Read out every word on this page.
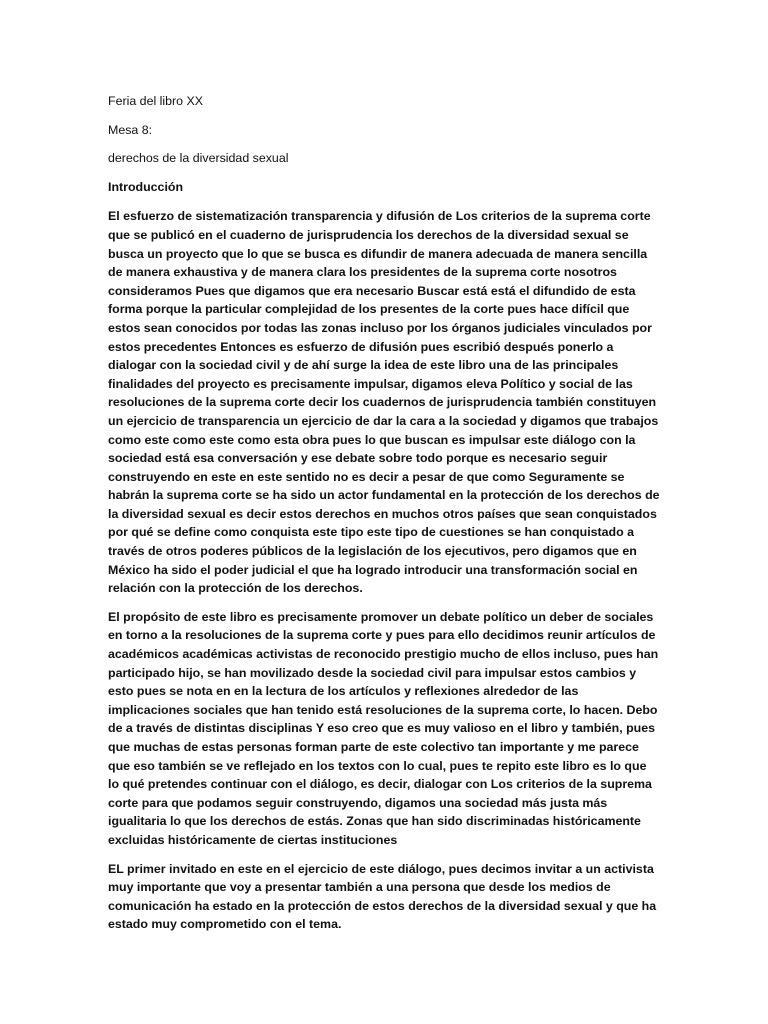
Feria del libro XX

Mesa 8:

derechos de la diversidad sexual

Introducción

El esfuerzo de sistematización transparencia y difusión de Los criterios de la suprema corte que se publicó en el cuaderno de jurisprudencia los derechos de la diversidad sexual se busca un proyecto que lo que se busca es difundir de manera adecuada de manera sencilla de manera exhaustiva y de manera clara los presidentes de la suprema corte nosotros consideramos Pues que digamos que era necesario Buscar está está el difundido de esta forma porque la particular complejidad de los presentes de la corte pues hace difícil que estos sean conocidos por todas las zonas incluso por los órganos judiciales vinculados por estos precedentes Entonces es esfuerzo de difusión pues escribió después ponerlo a dialogar con la sociedad civil y de ahí surge la idea de este libro una de las principales finalidades del proyecto es precisamente impulsar, digamos eleva Político y social de las resoluciones de la suprema corte decir los cuadernos de jurisprudencia también constituyen un ejercicio de transparencia un ejercicio de dar la cara a la sociedad y digamos que trabajos como este como este como esta obra pues lo que buscan es impulsar este diálogo con la sociedad está esa conversación y ese debate sobre todo porque es necesario seguir construyendo en este en este sentido no es decir a pesar de que como Seguramente se habrán la suprema corte se ha sido un actor fundamental en la protección de los derechos de la diversidad sexual es decir estos derechos en muchos otros países que sean conquistados por qué se define como conquista este tipo este tipo de cuestiones se han conquistado a través de otros poderes públicos de la legislación de los ejecutivos, pero digamos que en México ha sido el poder judicial el que ha logrado introducir una transformación social en relación con la protección de los derechos.

El propósito de este libro es precisamente promover un debate político un deber de sociales en torno a la resoluciones de la suprema corte y pues para ello decidimos reunir artículos de académicos académicas activistas de reconocido prestigio mucho de ellos incluso, pues han participado hijo, se han movilizado desde la sociedad civil para impulsar estos cambios y esto pues se nota en en la lectura de los artículos y reflexiones alrededor de las implicaciones sociales que han tenido está resoluciones de la suprema corte, lo hacen. Debo de a través de distintas disciplinas Y eso creo que es muy valioso en el libro y también, pues que muchas de estas personas forman parte de este colectivo tan importante y me parece que eso también se ve reflejado en los textos con lo cual, pues te repito este libro es lo que lo qué pretendes continuar con el diálogo, es decir, dialogar con Los criterios de la suprema corte para que podamos seguir construyendo, digamos una sociedad más justa más igualitaria lo que los derechos de estás. Zonas que han sido discriminadas históricamente excluidas históricamente de ciertas instituciones

EL primer invitado en este en el ejercicio de este diálogo, pues decimos invitar a un activista muy importante que voy a presentar también a una persona que desde los medios de comunicación ha estado en la protección de estos derechos de la diversidad sexual y que ha estado muy comprometido con el tema.
